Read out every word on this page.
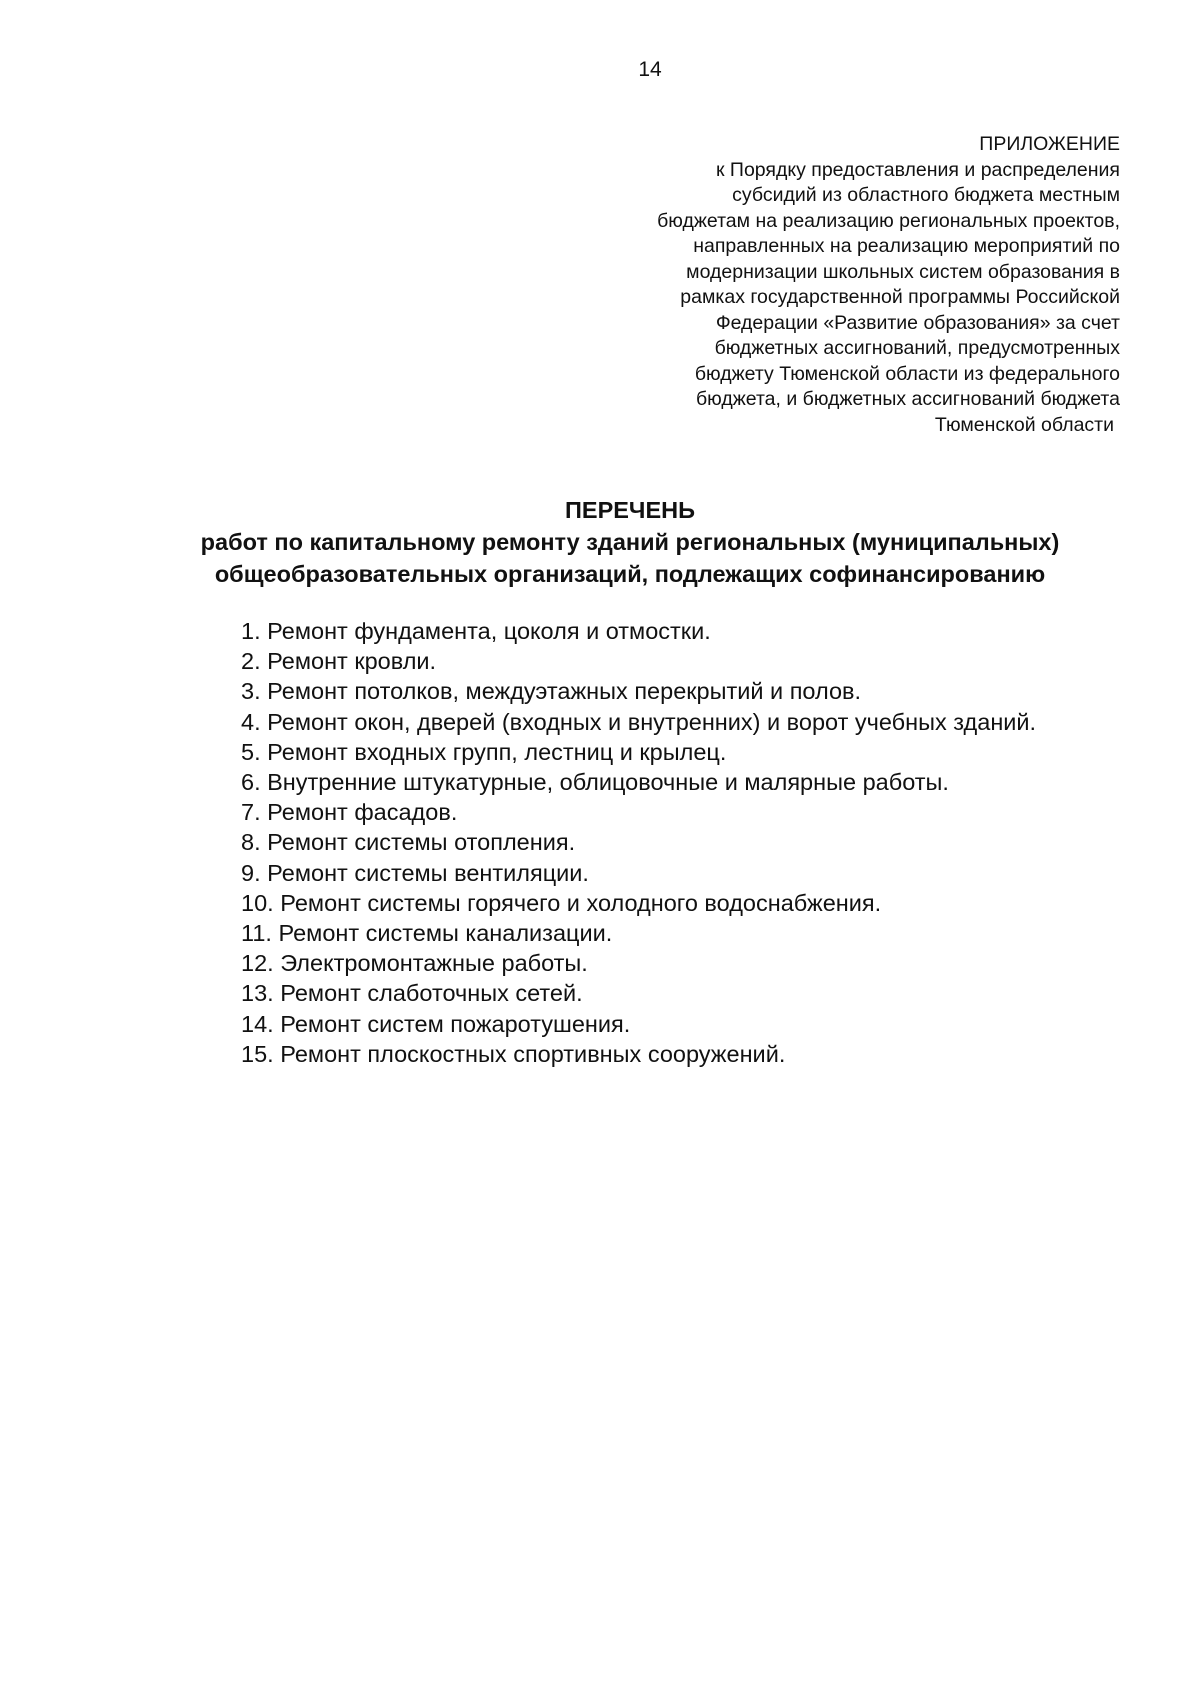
14
ПРИЛОЖЕНИЕ
к Порядку предоставления и распределения
субсидий из областного бюджета местным
бюджетам на реализацию региональных проектов,
направленных на реализацию мероприятий по
модернизации школьных систем образования в
рамках государственной программы Российской
Федерации «Развитие образования» за счет
бюджетных ассигнований, предусмотренных
бюджету Тюменской области из федерального
бюджета, и бюджетных ассигнований бюджета
Тюменской области
ПЕРЕЧЕНЬ
работ по капитальному ремонту зданий региональных (муниципальных)
общеобразовательных организаций, подлежащих софинансированию
1. Ремонт фундамента, цоколя и отмостки.
2. Ремонт кровли.
3. Ремонт потолков, междуэтажных перекрытий и полов.
4. Ремонт окон, дверей (входных и внутренних) и ворот учебных зданий.
5. Ремонт входных групп, лестниц и крылец.
6. Внутренние штукатурные, облицовочные и малярные работы.
7. Ремонт фасадов.
8. Ремонт системы отопления.
9. Ремонт системы вентиляции.
10. Ремонт системы горячего и холодного водоснабжения.
11. Ремонт системы канализации.
12. Электромонтажные работы.
13. Ремонт слаботочных сетей.
14. Ремонт систем пожаротушения.
15. Ремонт плоскостных спортивных сооружений.
